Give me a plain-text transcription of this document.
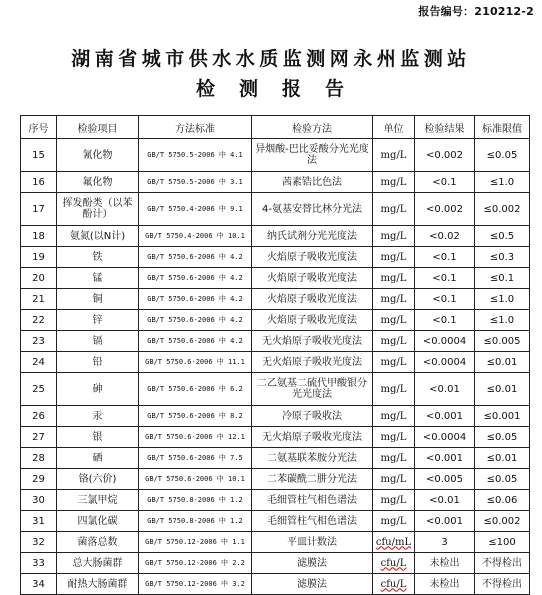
报告编号：210212-2
湖南省城市供水水质监测网永州监测站
检测报告
序号	检验项目	方法标准	检验方法	单位	检验结果	标准限值
15	氰化物	GB/T 5750.5-2006 中 4.1	异烟酸-巴比妥酸分光光度法	mg/L	<0.002	≤0.05
16	氟化物	GB/T 5750.5-2006 中 3.1	茜素锆比色法	mg/L	<0.1	≤1.0
17	挥发酚类（以苯酚计）	GB/T 5750.4-2006 中 9.1	4-氨基安替比林分光法	mg/L	<0.002	≤0.002
18	氨氮(以N计)	GB/T 5750.4-2006 中 10.1	纳氏试剂分光光度法	mg/L	<0.02	≤0.5
19	铁	GB/T 5750.6-2006 中 4.2	火焰原子吸收光度法	mg/L	<0.1	≤0.3
20	锰	GB/T 5750.6-2006 中 4.2	火焰原子吸收光度法	mg/L	<0.1	≤0.1
21	铜	GB/T 5750.6-2006 中 4.2	火焰原子吸收光度法	mg/L	<0.1	≤1.0
22	锌	GB/T 5750.6-2006 中 4.2	火焰原子吸收光度法	mg/L	<0.1	≤1.0
23	镉	GB/T 5750.6-2006 中 4.2	无火焰原子吸收光度法	mg/L	<0.0004	≤0.005
24	铅	GB/T 5750.6-2006 中 11.1	无火焰原子吸收光度法	mg/L	<0.0004	≤0.01
25	砷	GB/T 5750.6-2006 中 6.2	二乙氨基二硫代甲酸银分光光度法	mg/L	<0.01	≤0.01
26	汞	GB/T 5750.6-2006 中 8.2	冷原子吸收法	mg/L	<0.001	≤0.001
27	银	GB/T 5750.6-2006 中 12.1	无火焰原子吸收光度法	mg/L	<0.0004	≤0.05
28	硒	GB/T 5750.6-2006 中 7.5	二氨基联苯胺分光法	mg/L	<0.001	≤0.01
29	铬(六价)	GB/T 5750.6-2006 中 10.1	二苯碳酰二肼分光法	mg/L	<0.005	≤0.05
30	三氯甲烷	GB/T 5750.8-2006 中 1.2	毛细管柱气相色谱法	mg/L	<0.01	≤0.06
31	四氯化碳	GB/T 5750.8-2006 中 1.2	毛细管柱气相色谱法	mg/L	<0.001	≤0.002
32	菌落总数	GB/T 5750.12-2006 中 1.1	平皿计数法	cfu/mL	3	≤100
33	总大肠菌群	GB/T 5750.12-2006 中 2.2	滤膜法	cfu/L	未检出	不得检出
34	耐热大肠菌群	GB/T 5750.12-2006 中 3.2	滤膜法	cfu/L	未检出	不得检出
